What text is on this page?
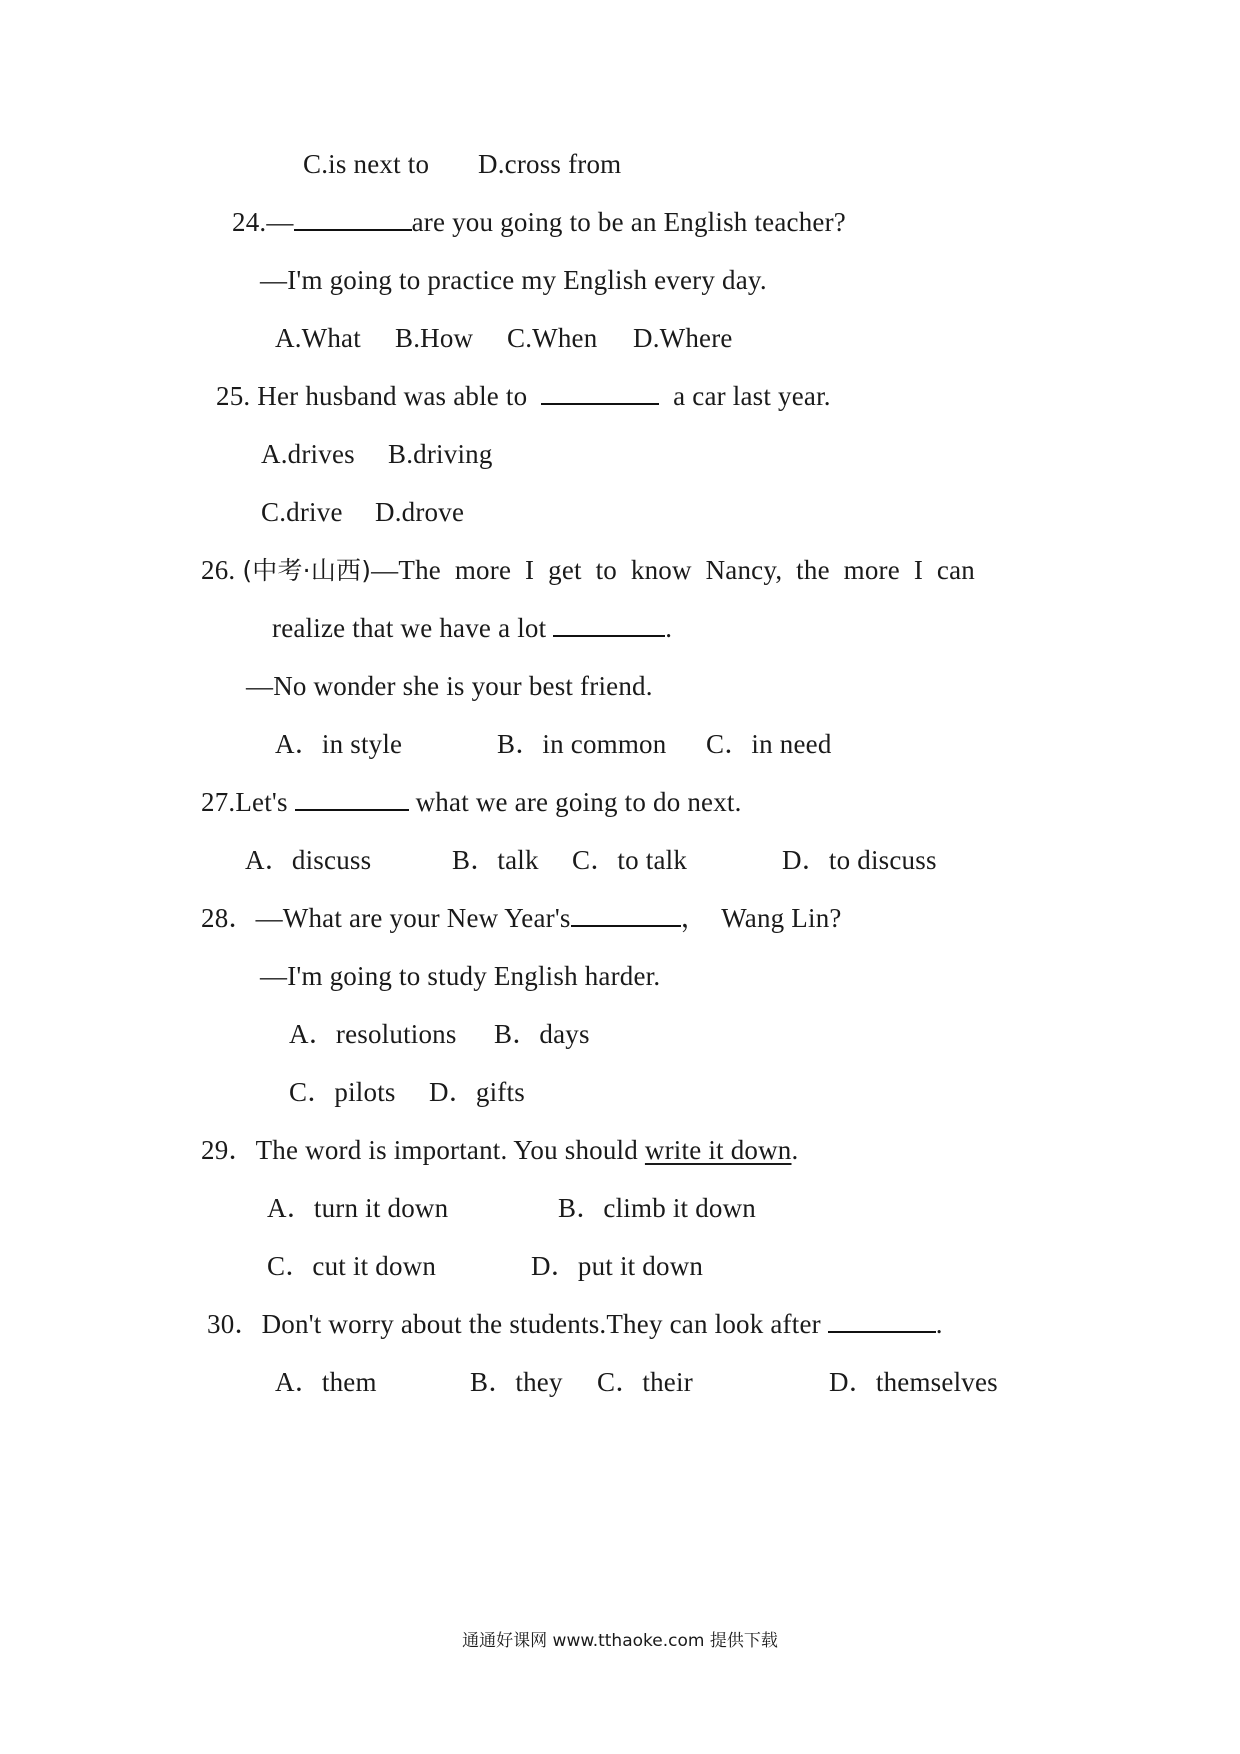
C.is next to D.cross from
24.—	are you going to be an English teacher?
—I'm going to practice my English every day.
A.What B.How C.When D.Where
25. Her husband was able to	a car last year.
A.drives B.driving
C.drive D.drove
26. (中考·山西)—The  more  I  get  to  know  Nancy,  the  more  I  can
realize that we have a lot	.
—No wonder she is your best friend.
A．in style	B．in common C．in need
27.Let's	what we are going to do next.
A．discuss	B．talk C．to talk	D．to discuss
28．—What are your New Year's	，  Wang Lin?
—I'm going to study English harder.
A．resolutions B．days
C．pilots D．gifts
29．The word is important. You should write it down.
A．turn it down	B．climb it down
C．cut it down	D．put it down
30．Don't worry about the students.They can look after	.
A．them	B．they C．their	D．themselves
通通好课网 www.tthaoke.com 提供下载
